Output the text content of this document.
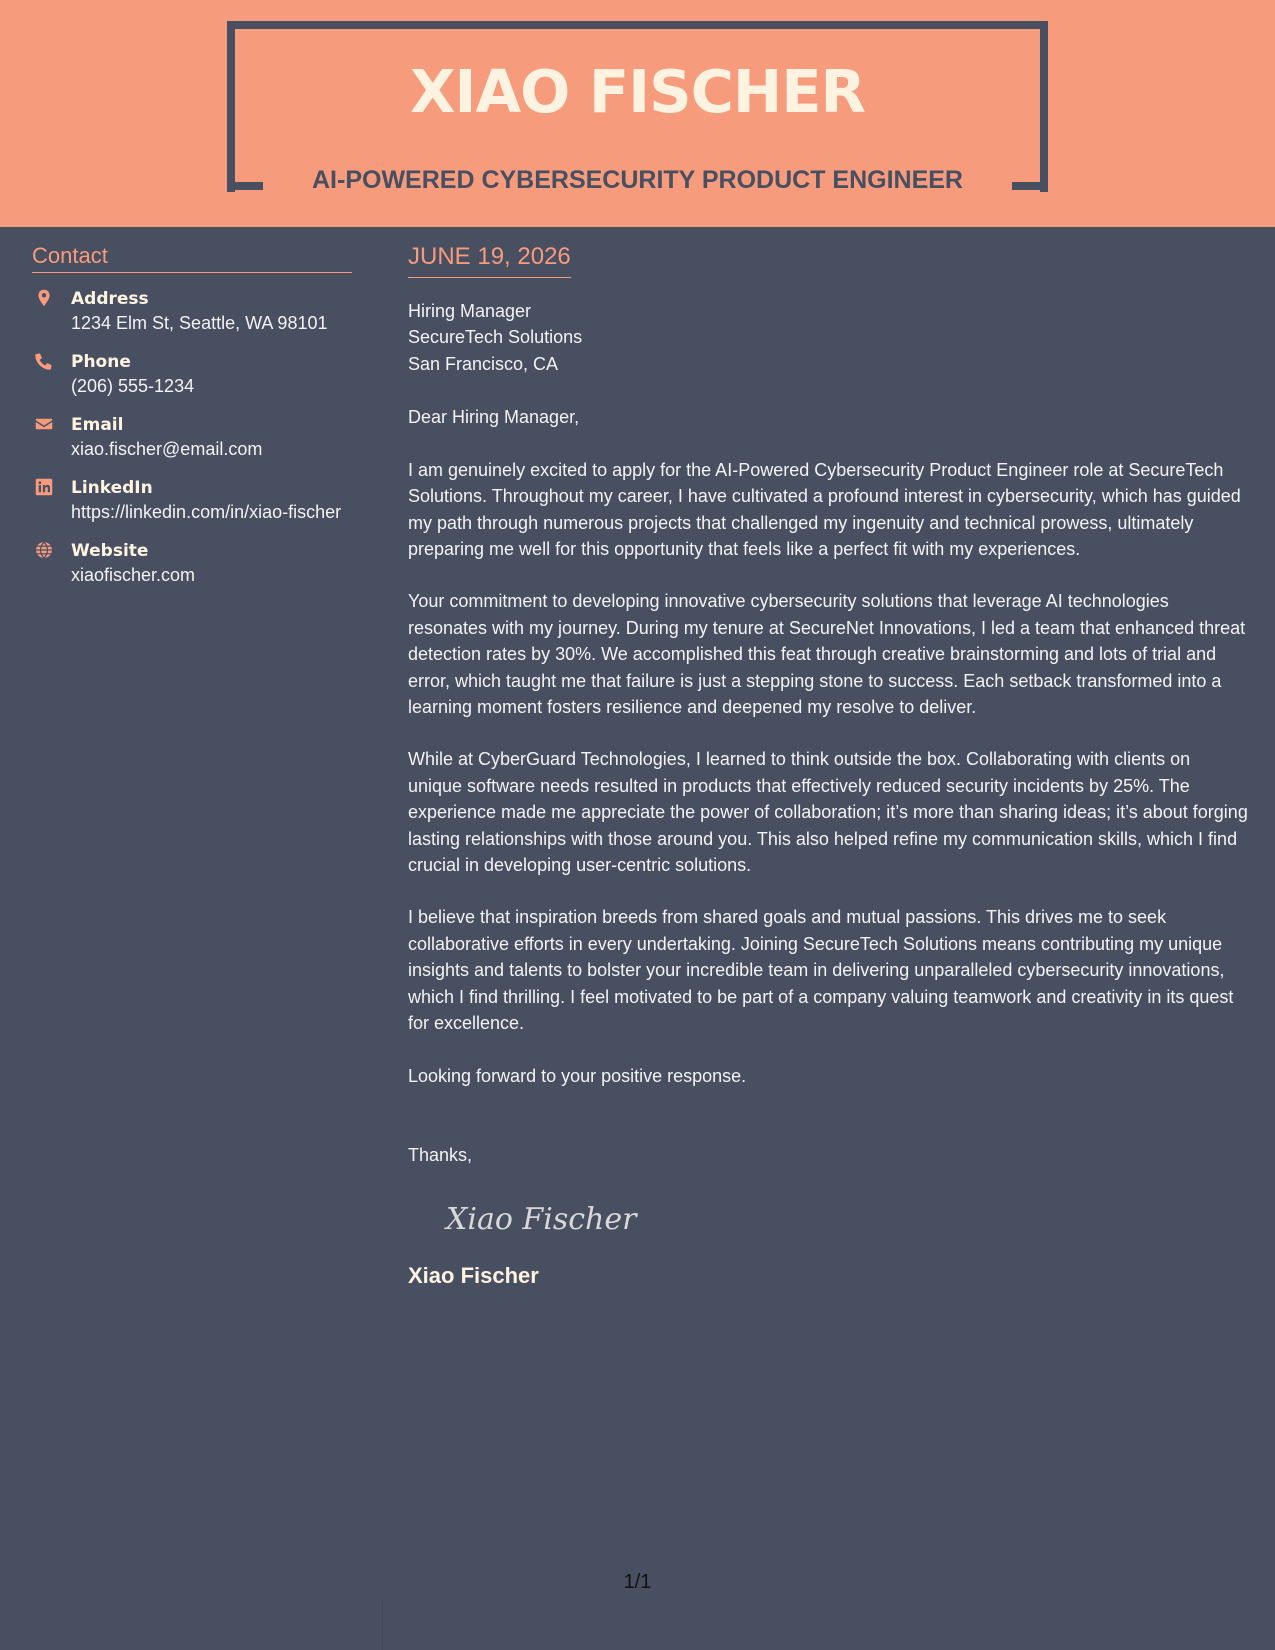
XIAO FISCHER
AI-POWERED CYBERSECURITY PRODUCT ENGINEER
Contact
Address
1234 Elm St, Seattle, WA 98101
Phone
(206) 555-1234
Email
xiao.fischer@email.com
LinkedIn
https://linkedin.com/in/xiao-fischer
Website
xiaofischer.com
JUNE 19, 2026
Hiring Manager
SecureTech Solutions
San Francisco, CA

Dear Hiring Manager,

I am genuinely excited to apply for the AI-Powered Cybersecurity Product Engineer role at SecureTech Solutions. Throughout my career, I have cultivated a profound interest in cybersecurity, which has guided my path through numerous projects that challenged my ingenuity and technical prowess, ultimately preparing me well for this opportunity that feels like a perfect fit with my experiences.

Your commitment to developing innovative cybersecurity solutions that leverage AI technologies resonates with my journey. During my tenure at SecureNet Innovations, I led a team that enhanced threat detection rates by 30%. We accomplished this feat through creative brainstorming and lots of trial and error, which taught me that failure is just a stepping stone to success. Each setback transformed into a learning moment fosters resilience and deepened my resolve to deliver.

While at CyberGuard Technologies, I learned to think outside the box. Collaborating with clients on unique software needs resulted in products that effectively reduced security incidents by 25%. The experience made me appreciate the power of collaboration; it’s more than sharing ideas; it’s about forging lasting relationships with those around you. This also helped refine my communication skills, which I find crucial in developing user-centric solutions.

I believe that inspiration breeds from shared goals and mutual passions. This drives me to seek collaborative efforts in every undertaking. Joining SecureTech Solutions means contributing my unique insights and talents to bolster your incredible team in delivering unparalleled cybersecurity innovations, which I find thrilling. I feel motivated to be part of a company valuing teamwork and creativity in its quest for excellence.

Looking forward to your positive response.

Thanks,

Xiao Fischer
Xiao Fischer
1/1
